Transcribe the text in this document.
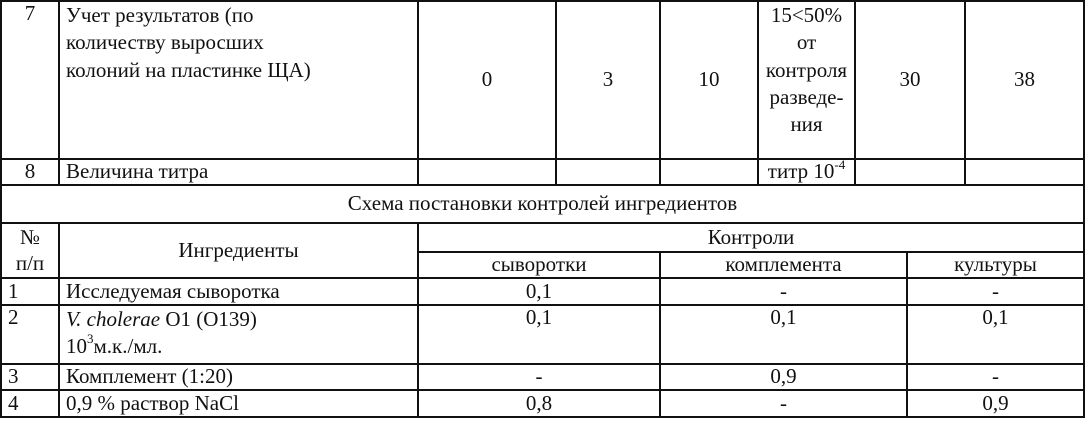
7	Учет результатов (по
количеству выросших
колоний на пластинке ЩА)	0	3	10	15<50%
от
контроля
разведе-
ния	30		38
8	Величина титра				титр $10^{-4}$		
Схема постановки контролей ингредиентов								

№
п/п	Ингредиенты	Контроли						
		сыворотки		комплемента			культуры	
1	Исследуемая сыворотка	0,1		-			-	
2	V. cholerae O1 (O139)
$10^3м.к./мл$.	0,1		0,1			0,1	
3	Комплемент (1:20)	-		0,9			-	
4	0,9 % раствор NaCl	0,8		-			0,9	
